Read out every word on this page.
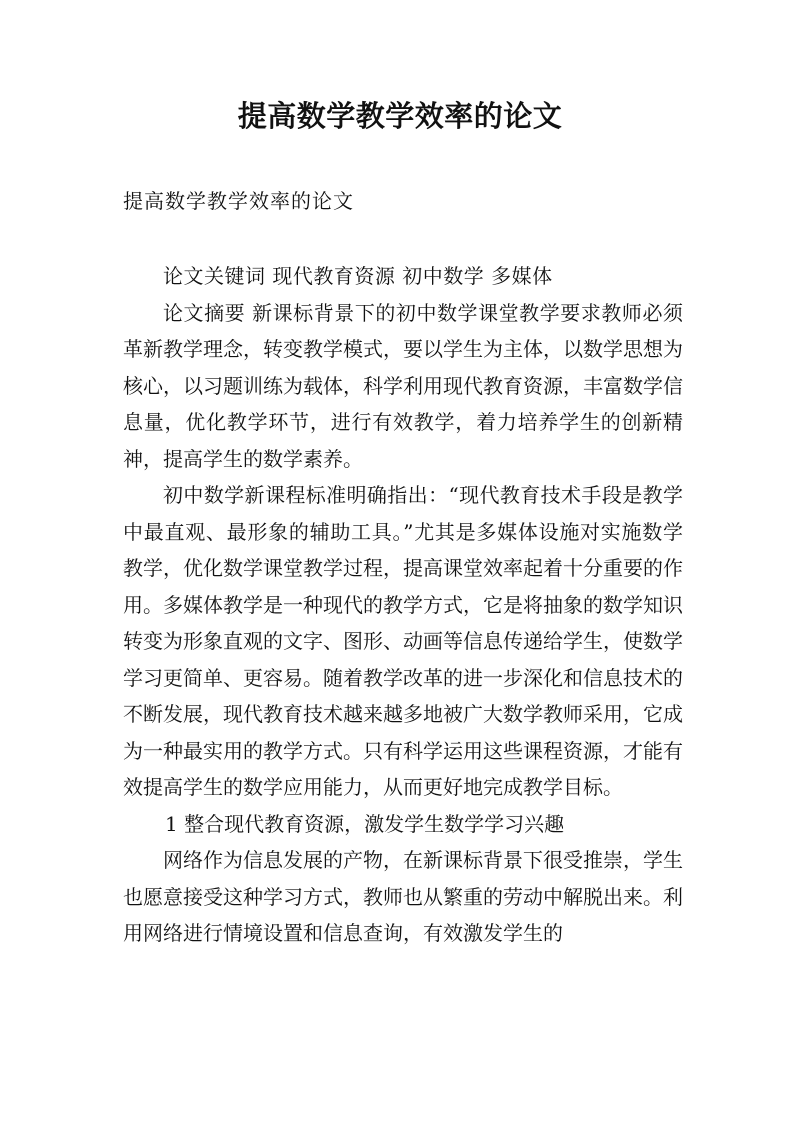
提高数学教学效率的论文
提高数学教学效率的论文

论文关键词 现代教育资源 初中数学 多媒体

论文摘要 新课标背景下的初中数学课堂教学要求教师必须革新教学理念，转变教学模式，要以学生为主体，以数学思想为核心，以习题训练为载体，科学利用现代教育资源，丰富数学信息量，优化教学环节，进行有效教学，着力培养学生的创新精神，提高学生的数学素养。

初中数学新课程标准明确指出：“现代教育技术手段是教学中最直观、最形象的辅助工具。”尤其是多媒体设施对实施数学教学，优化数学课堂教学过程，提高课堂效率起着十分重要的作用。多媒体教学是一种现代的教学方式，它是将抽象的数学知识转变为形象直观的文字、图形、动画等信息传递给学生，使数学学习更简单、更容易。随着教学改革的进一步深化和信息技术的不断发展，现代教育技术越来越多地被广大数学教师采用，它成为一种最实用的教学方式。只有科学运用这些课程资源，才能有效提高学生的数学应用能力，从而更好地完成教学目标。

1 整合现代教育资源，激发学生数学学习兴趣

网络作为信息发展的产物，在新课标背景下很受推崇，学生也愿意接受这种学习方式，教师也从繁重的劳动中解脱出来。利用网络进行情境设置和信息查询，有效激发学生的
